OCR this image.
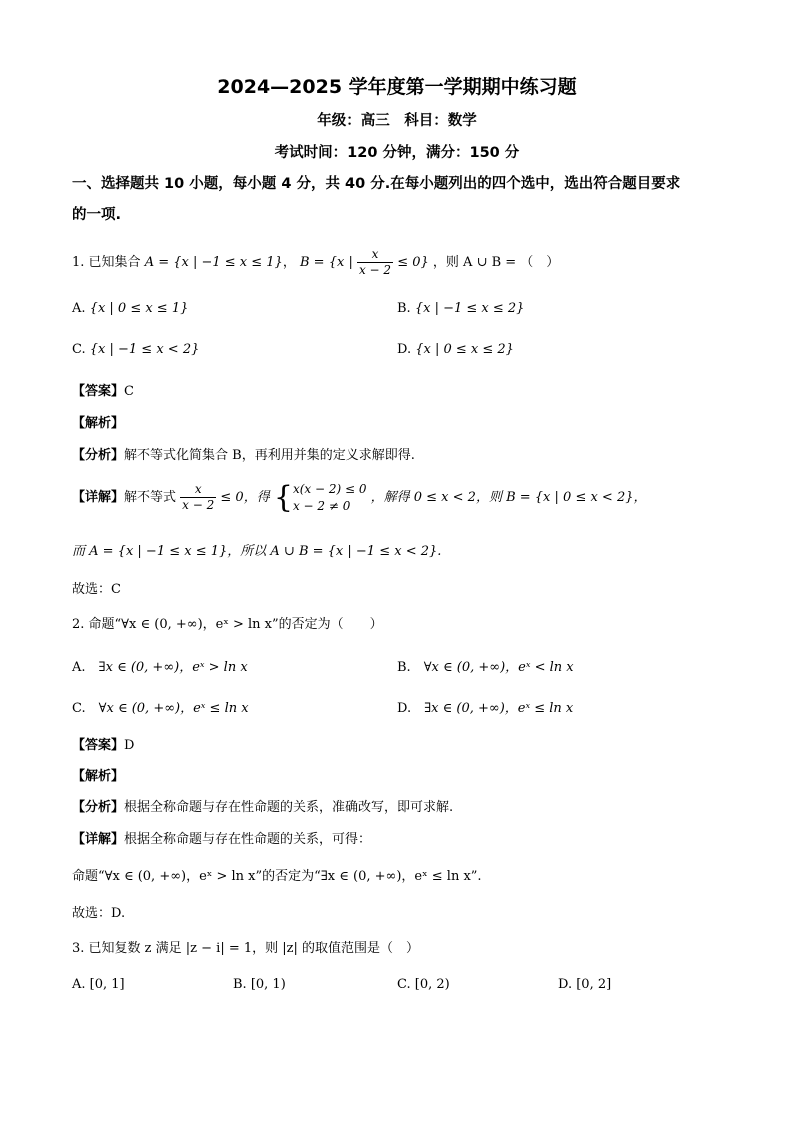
2024—2025 学年度第一学期期中练习题
年级：高三　科目：数学
考试时间：120 分钟，满分：150 分
一、选择题共 10 小题，每小题 4 分，共 40 分.在每小题列出的四个选中，选出符合题目要求
的一项.
1. 已知集合 A = {x | −1 ≤ x ≤ 1}， B = {x | $\frac{x}{x - 2} \le 0$} ，则 A ∪ B = （　）
A. {x | 0 ≤ x ≤ 1}	B. {x | −1 ≤ x ≤ 2}
C. {x | −1 ≤ x < 2}	D. {x | 0 ≤ x ≤ 2}
【答案】C
【解析】
【分析】解不等式化简集合 B，再利用并集的定义求解即得.
【详解】解不等式 $\frac{x}{x - 2} \le 0$，得 { x(x − 2) ≤ 0
x − 2 ≠ 0
，解得 0 ≤ x < 2，则 B = {x | 0 ≤ x < 2}，
而 A = {x | −1 ≤ x ≤ 1}，所以 A ∪ B = {x | −1 ≤ x < 2}.
故选：C
2. 命题“∀x ∈ (0, +∞)，eˣ > ln x”的否定为（　　）
A.　 ∃x ∈ (0, +∞)，eˣ > ln x	B.　 ∀x ∈ (0, +∞)，eˣ < ln x
C.　 ∀x ∈ (0, +∞)，eˣ ≤ ln x	D.　 ∃x ∈ (0, +∞)，eˣ ≤ ln x
【答案】D
【解析】
【分析】根据全称命题与存在性命题的关系，准确改写，即可求解.
【详解】根据全称命题与存在性命题的关系，可得：
命题“∀x ∈ (0, +∞)，eˣ > ln x”的否定为“∃x ∈ (0, +∞)，eˣ ≤ ln x”.
故选：D.
3. 已知复数 z 满足 |z − i| = 1，则 |z| 的取值范围是（　）
A. [0, 1]	B. [0, 1)	C. [0, 2)	D. [0, 2]
